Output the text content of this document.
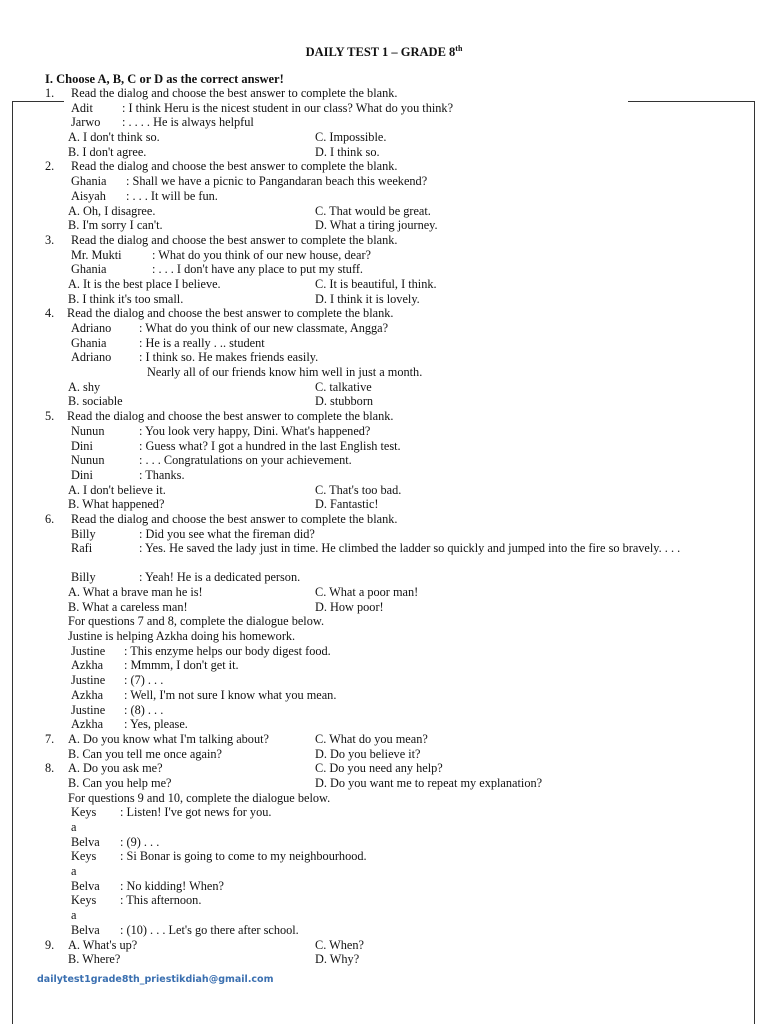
DAILY TEST 1 – GRADE 8th
I. Choose A, B, C or D as the correct answer!
1. Read the dialog and choose the best answer to complete the blank.
Adit : I think Heru is the nicest student in our class? What do you think?
Jarwo : . . . . He is always helpful
A. I don't think so.	C. Impossible.
B. I don't agree.	D. I think so.
2. Read the dialog and choose the best answer to complete the blank.
Ghania : Shall we have a picnic to Pangandaran beach this weekend?
Aisyah : . . . It will be fun.
A. Oh, I disagree.	C. That would be great.
B. I'm sorry I can't.	D. What a tiring journey.
3. Read the dialog and choose the best answer to complete the blank.
Mr. Mukti : What do you think of our new house, dear?
Ghania	: . . . I don't have any place to put my stuff.
A. It is the best place I believe.	C. It is beautiful, I think.
B. I think it's too small.	D. I think it is lovely.
4. Read the dialog and choose the best answer to complete the blank.
Adriano : What do you think of our new classmate, Angga?
Ghania	: He is a really . .. student
Adriano : I think so. He makes friends easily.
Nearly all of our friends know him well in just a month.
A. shy	C. talkative
B. sociable	D. stubborn
5. Read the dialog and choose the best answer to complete the blank.
Nunun	: You look very happy, Dini. What's happened?
Dini	: Guess what? I got a hundred in the last English test.
Nunun	: . . . Congratulations on your achievement.
Dini	: Thanks.
A. I don't believe it.	C. That's too bad.
B. What happened?	D. Fantastic!
6. Read the dialog and choose the best answer to complete the blank.
Billy	: Did you see what the fireman did?
Rafi	: Yes. He saved the lady just in time. He climbed the ladder so quickly and jumped into the fire so bravely. . . .
Billy	: Yeah! He is a dedicated person.
A. What a brave man he is!	C. What a poor man!
B. What a careless man!	D. How poor!
For questions 7 and 8, complete the dialogue below.
Justine is helping Azkha doing his homework.
Justine : This enzyme helps our body digest food.
Azkha : Mmmm, I don't get it.
Justine : (7) . . .
Azkha : Well, I'm not sure I know what you mean.
Justine : (8) . . .
Azkha : Yes, please.
7. A. Do you know what I'm talking about?	C. What do you mean?
B. Can you tell me once again?	D. Do you believe it?
8. A. Do you ask me?	C. Do you need any help?
B. Can you help me?	D. Do you want me to repeat my explanation?
For questions 9 and 10, complete the dialogue below.
Keys : Listen! I've got news for you.
a
Belva : (9) . . .
Keys : Si Bonar is going to come to my neighbourhood.
a
Belva : No kidding! When?
Keys : This afternoon.
a
Belva : (10) . . . Let's go there after school.
9. A. What's up?	C. When?
B. Where?	D. Why?
dailytest1grade8th_priestikdiah@gmail.com
